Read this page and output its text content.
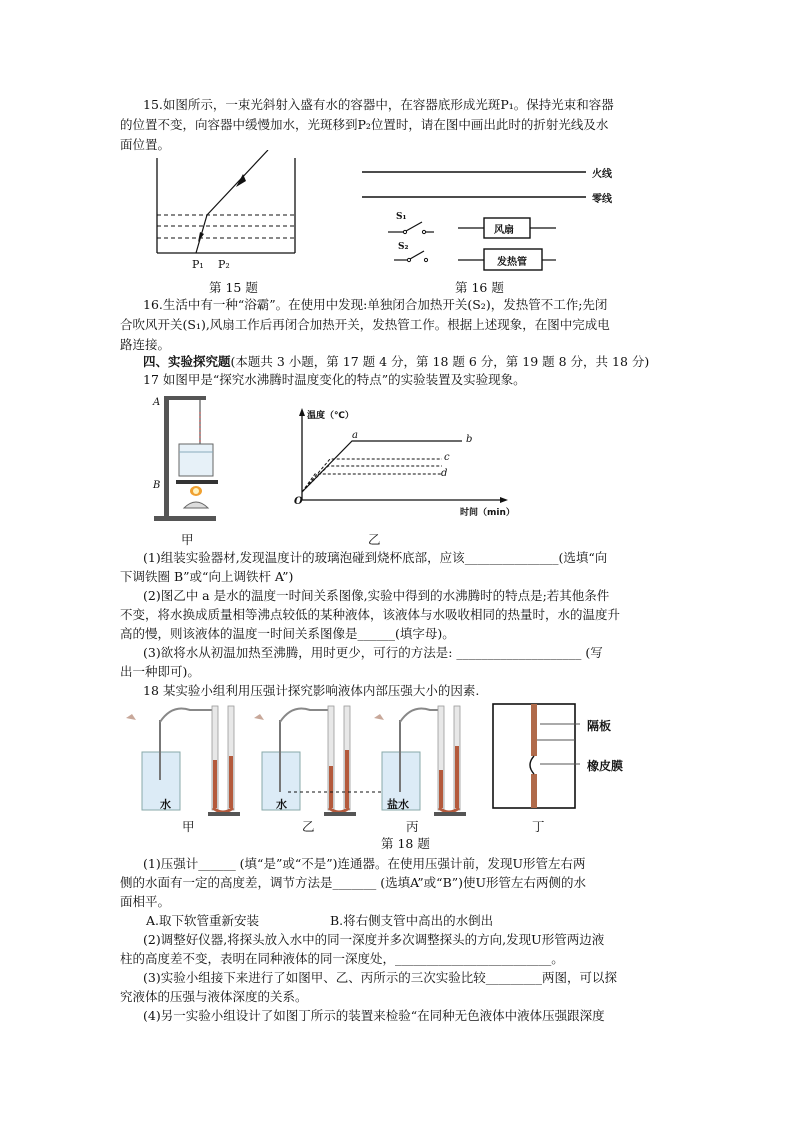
15.如图所示，一束光斜射入盛有水的容器中，在容器底形成光斑P₁。保持光束和容器
的位置不变，向容器中缓慢加水，光斑移到P₂位置时，请在图中画出此时的折射光线及水
面位置。
P₁ P₂
第 15 题
火线
零线
S₁
S₂
风扇
发热管
第 16 题
16.生活中有一种“浴霸”。在使用中发现:单独闭合加热开关(S₂)，发热管不工作;先闭
合吹风开关(S₁),风扇工作后再闭合加热开关，发热管工作。根据上述现象，在图中完成电
路连接。
四、实验探究题(本题共 3 小题，第 17 题 4 分，第 18 题 6 分，第 19 题 8 分，共 18 分)
17 如图甲是“探究水沸腾时温度变化的特点”的实验装置及实验现象。
A
B
甲
温度（℃）
时间（min）
O
a	b
c
d
乙
(1)组装实验器材,发现温度计的玻璃泡碰到烧杯底部，应该_______________(选填“向
下调铁圈 B”或“向上调铁杆 A”)
(2)图乙中 a 是水的温度一时间关系图像,实验中得到的水沸腾时的特点是;若其他条件
不变，将水换成质量相等沸点较低的某种液体，该液体与水吸收相同的热量时，水的温度升
高的慢，则该液体的温度一时间关系图像是______(填字母)。
(3)欲将水从初温加热至沸腾，用时更少，可行的方法是: ____________________ (写
出一种即可)。
18 某实验小组利用压强计探究影响液体内部压强大小的因素.
水	水	盐水
隔板
橡皮膜
甲	乙	丙	丁
第 18 题
(1)压强计______ (填“是”或“不是”)连通器。在使用压强计前，发现U形管左右两
侧的水面有一定的高度差，调节方法是_______ (选填A”或“B”)使U形管左右两侧的水
面相平。
A.取下软管重新安装	B.将右侧支管中高出的水倒出
(2)调整好仪器,将探头放入水中的同一深度并多次调整探头的方向,发现U形管两边液
柱的高度差不变，表明在同种液体的同一深度处，_________________________。
(3)实验小组接下来进行了如图甲、乙、丙所示的三次实验比较_________两图，可以探
究液体的压强与液体深度的关系。
(4)另一实验小组设计了如图丁所示的装置来检验“在同种无色液体中液体压强跟深度
